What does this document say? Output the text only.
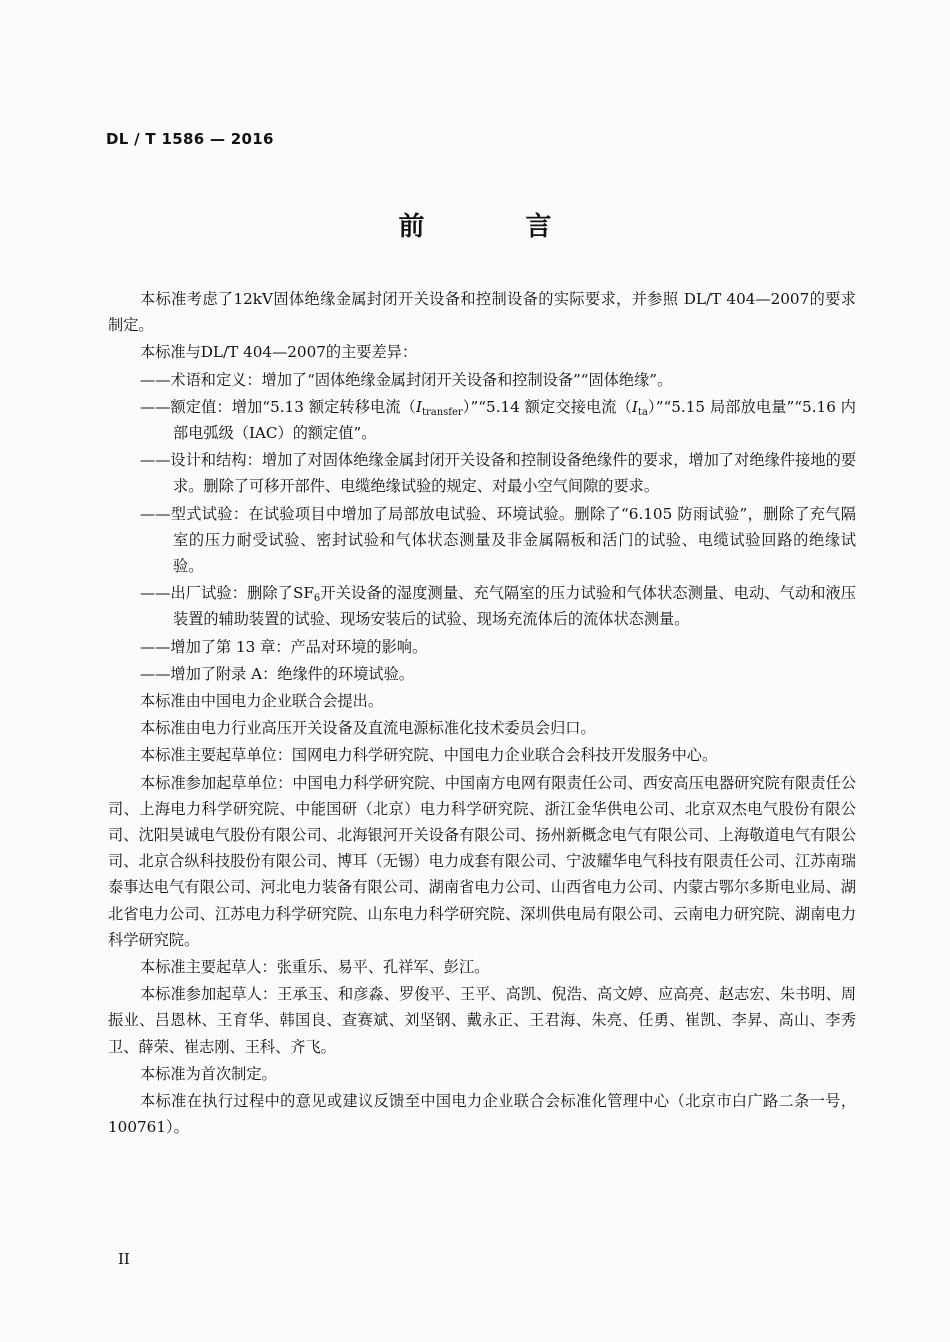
DL / T 1586 — 2016
前 言

本标准考虑了12kV固体绝缘金属封闭开关设备和控制设备的实际要求，并参照 DL/T 404—2007的要求制定。

本标准与DL/T 404—2007的主要差异：

——术语和定义：增加了“固体绝缘金属封闭开关设备和控制设备”“固体绝缘”。

——额定值：增加“5.13 额定转移电流$(I_{transfer})”“5.14$ 额定交接电流$(I_{ta})”“5.15$ 局部放电量”“5.16 内部电弧级（IAC）的额定值”。

——设计和结构：增加了对固体绝缘金属封闭开关设备和控制设备绝缘件的要求，增加了对绝缘件接地的要求。删除了可移开部件、电缆绝缘试验的规定、对最小空气间隙的要求。

——型式试验：在试验项目中增加了局部放电试验、环境试验。删除了“6.105 防雨试验”，删除了充气隔室的压力耐受试验、密封试验和气体状态测量及非金属隔板和活门的试验、电缆试验回路的绝缘试验。

——出厂试验：删除了$SF_6$开关设备的湿度测量、充气隔室的压力试验和气体状态测量、电动、气动和液压装置的辅助装置的试验、现场安装后的试验、现场充流体后的流体状态测量。

——增加了第 13 章：产品对环境的影响。

——增加了附录 A：绝缘件的环境试验。

本标准由中国电力企业联合会提出。

本标准由电力行业高压开关设备及直流电源标准化技术委员会归口。

本标准主要起草单位：国网电力科学研究院、中国电力企业联合会科技开发服务中心。

本标准参加起草单位：中国电力科学研究院、中国南方电网有限责任公司、西安高压电器研究院有限责任公司、上海电力科学研究院、中能国研（北京）电力科学研究院、浙江金华供电公司、北京双杰电气股份有限公司、沈阳昊诚电气股份有限公司、北海银河开关设备有限公司、扬州新概念电气有限公司、上海敬道电气有限公司、北京合纵科技股份有限公司、博耳（无锡）电力成套有限公司、宁波耀华电气科技有限责任公司、江苏南瑞泰事达电气有限公司、河北电力装备有限公司、湖南省电力公司、山西省电力公司、内蒙古鄂尔多斯电业局、湖北省电力公司、江苏电力科学研究院、山东电力科学研究院、深圳供电局有限公司、云南电力研究院、湖南电力科学研究院。

本标准主要起草人：张重乐、易平、孔祥军、彭江。

本标准参加起草人：王承玉、和彦淼、罗俊平、王平、高凯、倪浩、高文婷、应高亮、赵志宏、朱书明、周振业、吕恩林、王育华、韩国良、查赛斌、刘坚钢、戴永正、王君海、朱亮、任勇、崔凯、李昇、高山、李秀卫、薛荣、崔志刚、王科、齐飞。

本标准为首次制定。

本标准在执行过程中的意见或建议反馈至中国电力企业联合会标准化管理中心（北京市白广路二条一号，100761）。

II
